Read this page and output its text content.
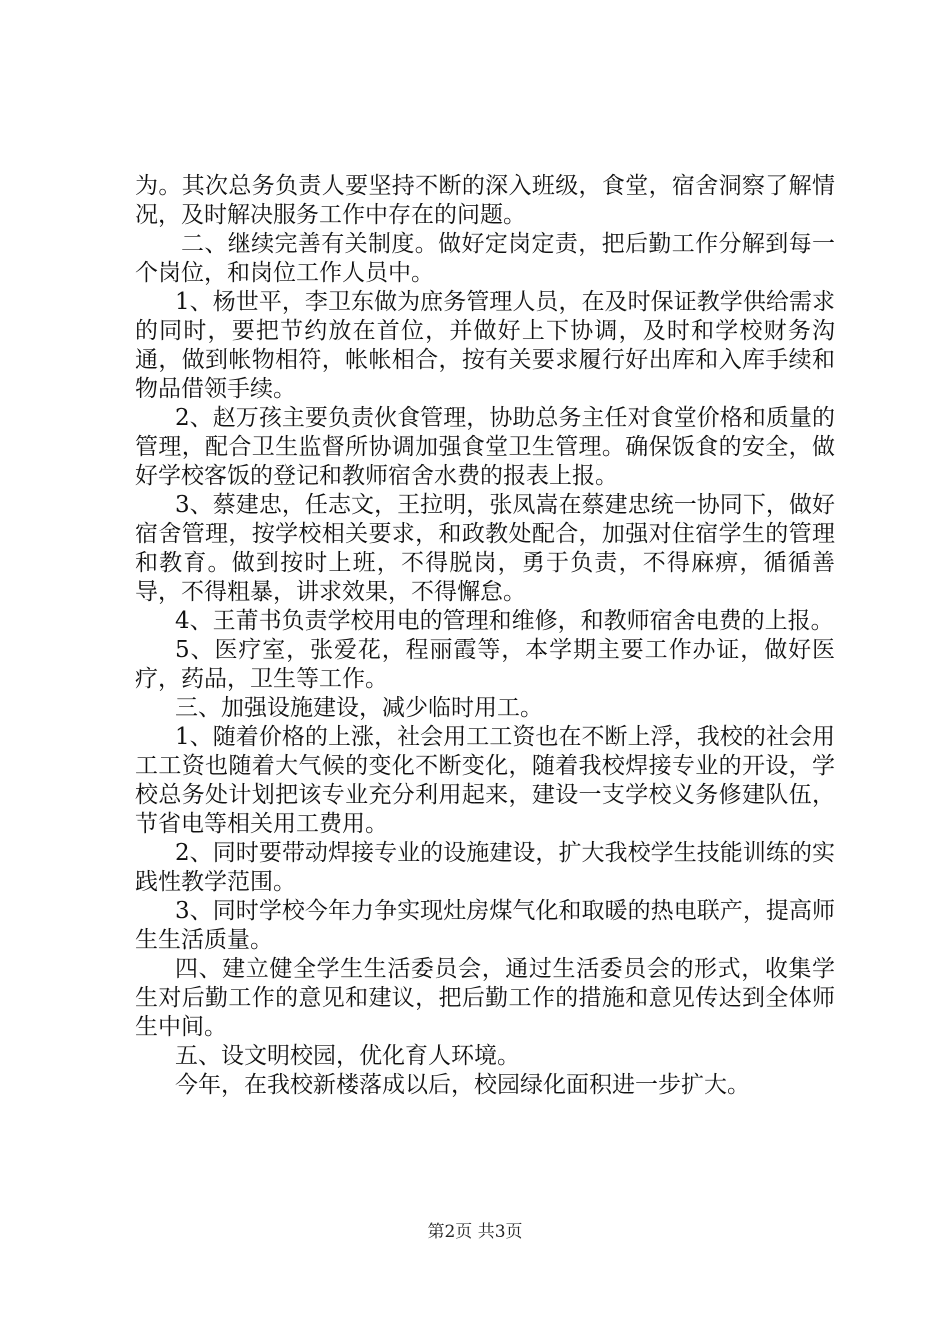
为。其次总务负责人要坚持不断的深入班级，食堂，宿舍洞察了解情况，及时解决服务工作中存在的问题。

二、继续完善有关制度。做好定岗定责，把后勤工作分解到每一个岗位，和岗位工作人员中。

1、杨世平，李卫东做为庶务管理人员，在及时保证教学供给需求的同时，要把节约放在首位，并做好上下协调，及时和学校财务沟通，做到帐物相符，帐帐相合，按有关要求履行好出库和入库手续和物品借领手续。

2、赵万孩主要负责伙食管理，协助总务主任对食堂价格和质量的管理，配合卫生监督所协调加强食堂卫生管理。确保饭食的安全，做好学校客饭的登记和教师宿舍水费的报表上报。

3、蔡建忠，任志文，王拉明，张凤嵩在蔡建忠统一协同下，做好宿舍管理，按学校相关要求，和政教处配合，加强对住宿学生的管理和教育。做到按时上班，不得脱岗，勇于负责，不得麻痹，循循善导，不得粗暴，讲求效果，不得懈怠。

4、王莆书负责学校用电的管理和维修，和教师宿舍电费的上报。

5、医疗室，张爱花，程丽霞等，本学期主要工作办证，做好医疗，药品，卫生等工作。

三、加强设施建设，减少临时用工。

1、随着价格的上涨，社会用工工资也在不断上浮，我校的社会用工工资也随着大气候的变化不断变化，随着我校焊接专业的开设，学校总务处计划把该专业充分利用起来，建设一支学校义务修建队伍，节省电等相关用工费用。

2、同时要带动焊接专业的设施建设，扩大我校学生技能训练的实践性教学范围。

3、同时学校今年力争实现灶房煤气化和取暖的热电联产，提高师生生活质量。

四、建立健全学生生活委员会，通过生活委员会的形式，收集学生对后勤工作的意见和建议，把后勤工作的措施和意见传达到全体师生中间。

五、设文明校园，优化育人环境。

今年，在我校新楼落成以后，校园绿化面积进一步扩大。

第2页 共3页
